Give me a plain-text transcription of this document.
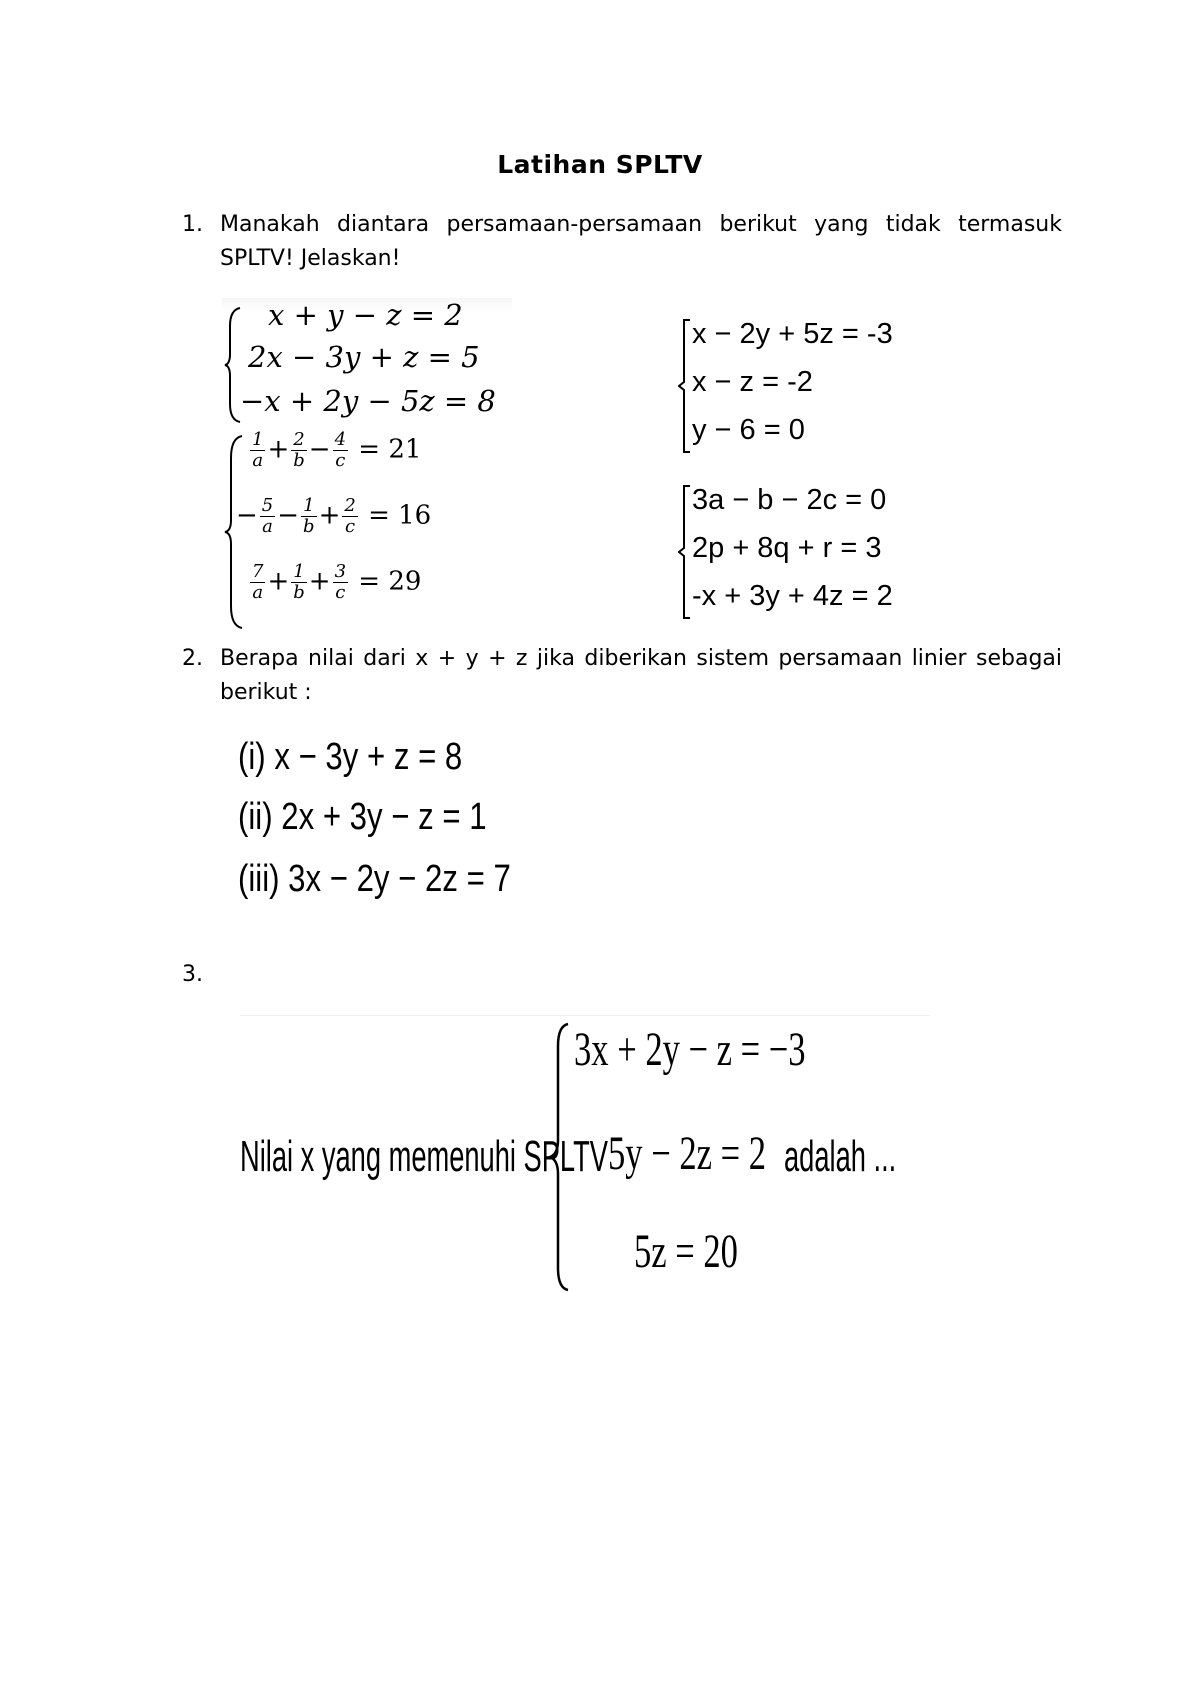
Latihan SPLTV
1. Manakah diantara persamaan-persamaan berikut yang tidak termasuk SPLTV! Jelaskan!
x + y − z = 2
2x − 3y + z = 5
−x + 2y − 5z = 8
$\frac{1}{a} + \frac{2}{b} - \frac{4}{c} = 21$
− $\frac{5}{a} - \frac{1}{b} + \frac{2}{c} = 16$
$\frac{7}{a} + \frac{1}{b} + \frac{3}{c} = 29$
x − 2y + 5z = -3
x − z = -2
y − 6 = 0
3a − b − 2c = 0
2p + 8q + r = 3
-x + 3y + 4z = 2
2. Berapa nilai dari x + y + z jika diberikan sistem persamaan linier sebagai berikut :
(i) x − 3y + z = 8
(ii) 2x + 3y − z = 1
(iii) 3x − 2y − 2z = 7
3.
Nilai x yang memenuhi SPLTV
3x + 2y − z = −3
5y − 2z = 2
5z = 20
adalah ...
